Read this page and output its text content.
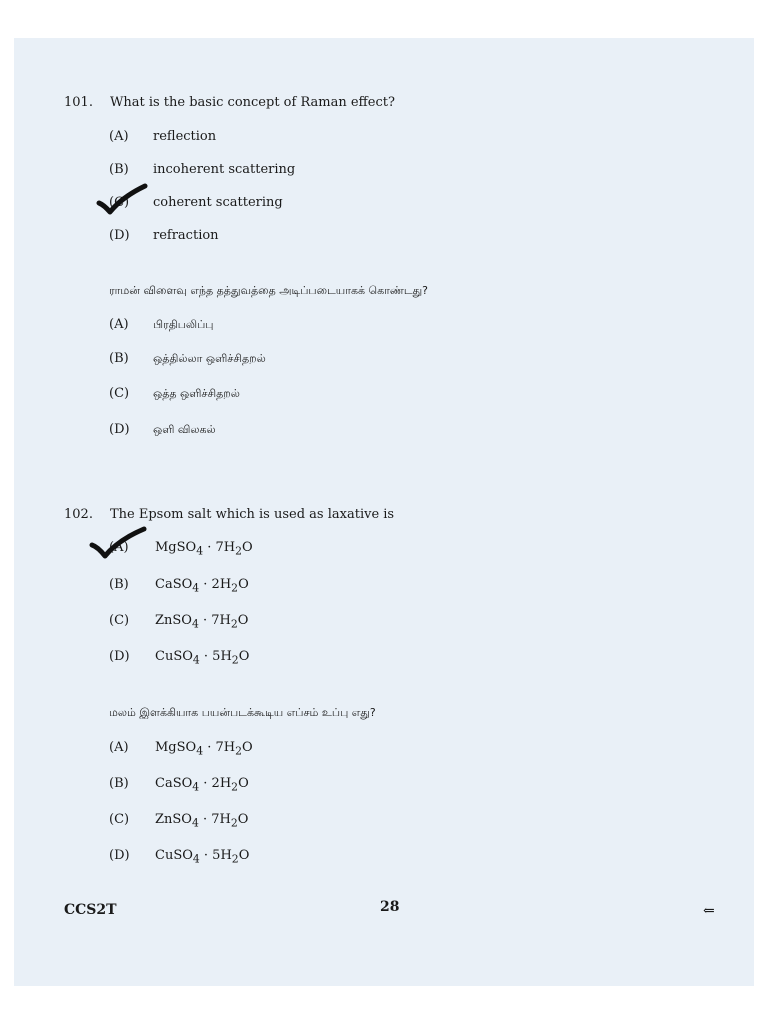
101. What is the basic concept of Raman effect?
(A) reflection
(B) incoherent scattering
(C) coherent scattering
(D) refraction
ராமன் விளைவு எந்த தத்துவத்தை அடிப்படையாகக் கொண்டது?
(A) பிரதிபலிப்பு
(B) ஒத்தில்லா ஒளிச்சிதறல்
(C) ஒத்த ஒளிச்சிதறல்
(D) ஒளி விலகல்
102. The Epsom salt which is used as laxative is
(A) MgSO$_4$ · $7H_2O$
(B) CaSO$_4$ · $2H_2O$
(C) ZnSO$_4$ · $7H_2O$
(D) CuSO$_4$ · $5H_2O$
மலம் இளக்கியாக பயன்படக்கூடிய எப்சம் உப்பு எது?
(A) MgSO$_4$ · $7H_2O$
(B) CaSO$_4$ · $2H_2O$
(C) ZnSO$_4$ · $7H_2O$
(D) CuSO$_4$ · $5H_2O$
CCS2T	28	⇐
